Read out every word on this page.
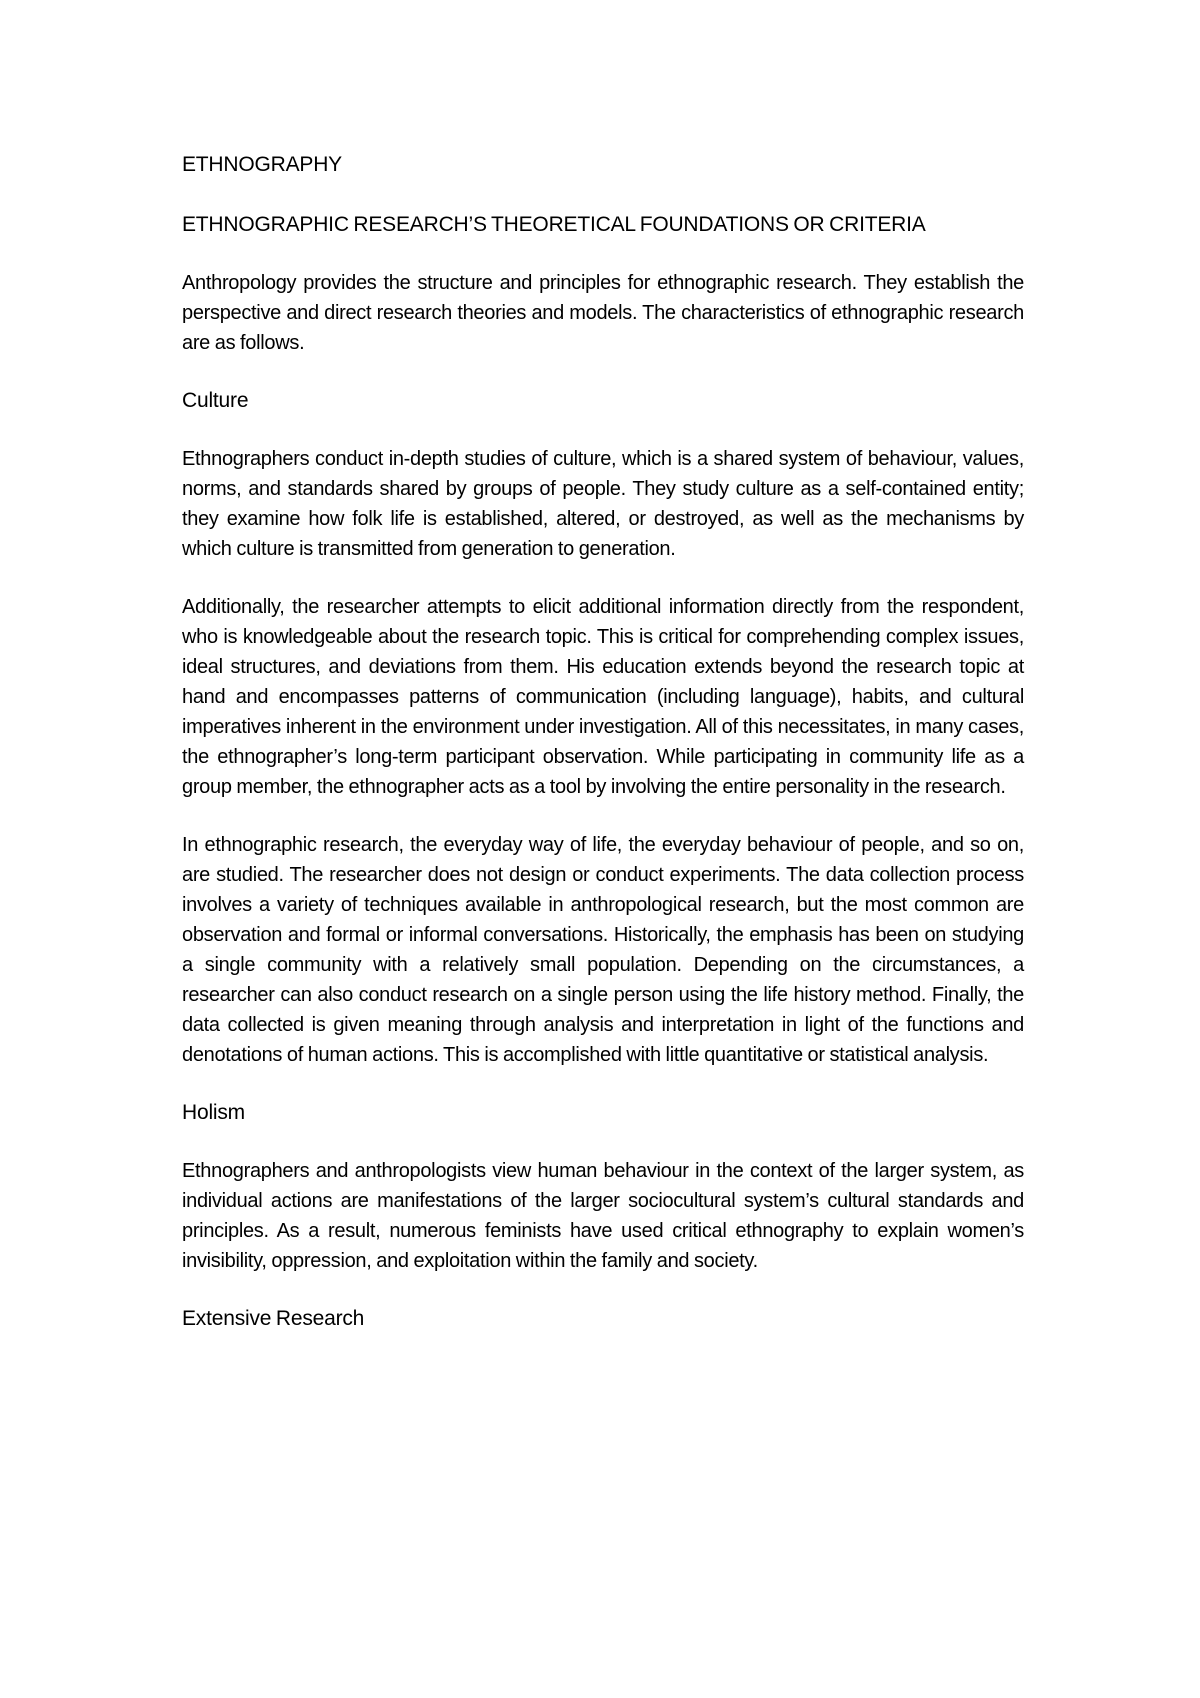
ETHNOGRAPHY

ETHNOGRAPHIC RESEARCH’S THEORETICAL FOUNDATIONS OR CRITERIA

Anthropology provides the structure and principles for ethnographic research. They establish the perspective and direct research theories and models. The characteristics of ethnographic research are as follows.

Culture

Ethnographers conduct in-depth studies of culture, which is a shared system of behaviour, values, norms, and standards shared by groups of people. They study culture as a self-contained entity; they examine how folk life is established, altered, or destroyed, as well as the mechanisms by which culture is transmitted from generation to generation.

Additionally, the researcher attempts to elicit additional information directly from the respondent, who is knowledgeable about the research topic. This is critical for comprehending complex issues, ideal structures, and deviations from them. His education extends beyond the research topic at hand and encompasses patterns of communication (including language), habits, and cultural imperatives inherent in the environment under investigation. All of this necessitates, in many cases, the ethnographer’s long-term participant observation. While participating in community life as a group member, the ethnographer acts as a tool by involving the entire personality in the research.

In ethnographic research, the everyday way of life, the everyday behaviour of people, and so on, are studied. The researcher does not design or conduct experiments. The data collection process involves a variety of techniques available in anthropological research, but the most common are observation and formal or informal conversations. Historically, the emphasis has been on studying a single community with a relatively small population. Depending on the circumstances, a researcher can also conduct research on a single person using the life history method. Finally, the data collected is given meaning through analysis and interpretation in light of the functions and denotations of human actions. This is accomplished with little quantitative or statistical analysis.

Holism

Ethnographers and anthropologists view human behaviour in the context of the larger system, as individual actions are manifestations of the larger sociocultural system’s cultural standards and principles. As a result, numerous feminists have used critical ethnography to explain women’s invisibility, oppression, and exploitation within the family and society.

Extensive Research
